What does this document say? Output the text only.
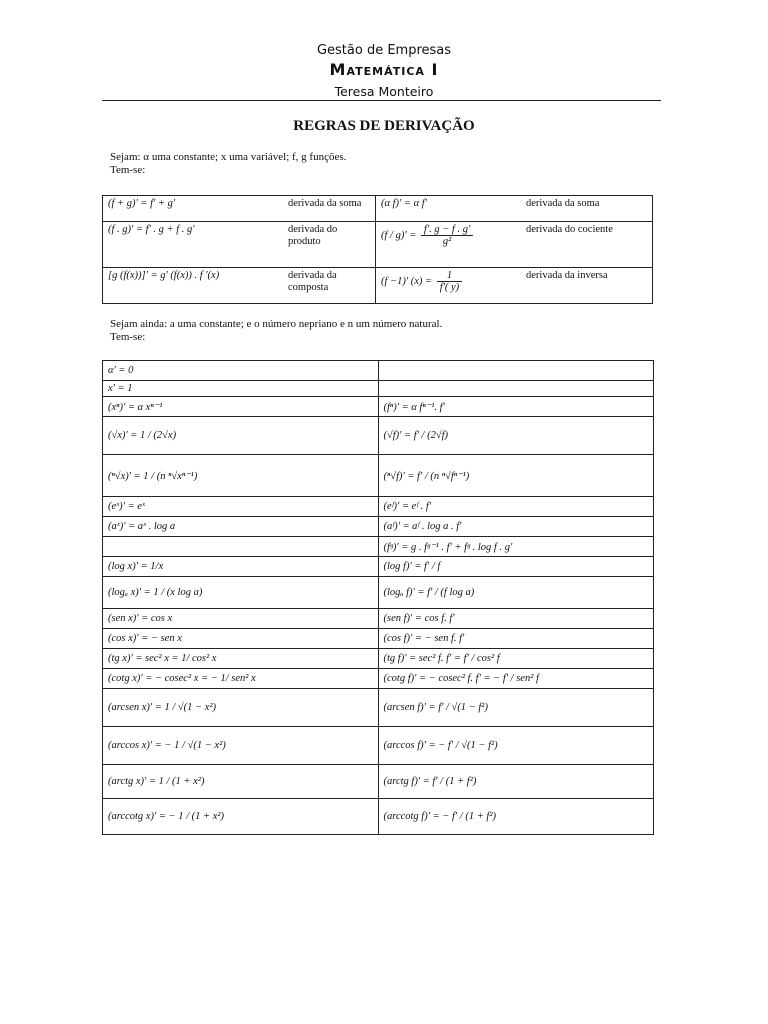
Gestão de Empresas
Matemática I
Teresa Monteiro
REGRAS DE DERIVAÇÃO
Sejam: α uma constante; x uma variável; f, g funções.
Tem-se:
(f + g)' = f' + g'	derivada da soma	(α f)' = α f'	derivada da soma
(f . g)' = f' . g + f . g'	derivada do produto	$(f / g)' = \frac{f'. g - f . g'}{\text{g²}}$	derivada do cociente
[g (f(x))]' = g' (f(x)) . f '(x)	derivada da composta	(f −1)' $(x) = \frac{1}{f'( y)}$	derivada da inversa
Sejam ainda: a uma constante; e o número nepriano e n um número natural.
Tem-se:
α' = 0	
x' = 1	
(xⁿ)' = α xⁿ⁻¹	(fⁿ)' = α fⁿ⁻¹. f'
(√x)' = 1 / (2√x)	(√f)' = f' / (2√f)
(ⁿ√x)' = 1 / (n ⁿ√xⁿ⁻¹)	(ⁿ√f)' = f' / (n ⁿ√fⁿ⁻¹)
(eˣ)' = eˣ	(eᶠ)' = eᶠ . f'
(aˣ)' = aˣ . log a	(aᶠ)' = aᶠ . log a . f'
	(fᵍ)' = g . fᵍ⁻¹ . f' + fᵍ . log f . g'
(log x)' = 1/x	(log f)' = f' / f
(logₐ x)' = 1 / (x log a)	(logₐ f)' = f' / (f log a)
(sen x)' = cos x	(sen f)' = cos f. f'
(cos x)' = − sen x	(cos f)' = − sen f. f'
(tg x)' = sec² x = 1/ cos² x	(tg f)' = sec² f. f' = f' / cos² f
(cotg x)' = − cosec² x = − 1/ sen² x	(cotg f)' = − cosec² f. f' = − f' / sen² f
(arcsen x)' = 1 / √(1 − x²)	(arcsen f)' = f' / √(1 − f²)
(arccos x)' = − 1 / √(1 − x²)	(arccos f)' = − f' / √(1 − f²)
(arctg x)' = 1 / (1 + x²)	(arctg f)' = f' / (1 + f²)
(arccotg x)' = − 1 / (1 + x²)	(arccotg f)' = − f' / (1 + f²)
